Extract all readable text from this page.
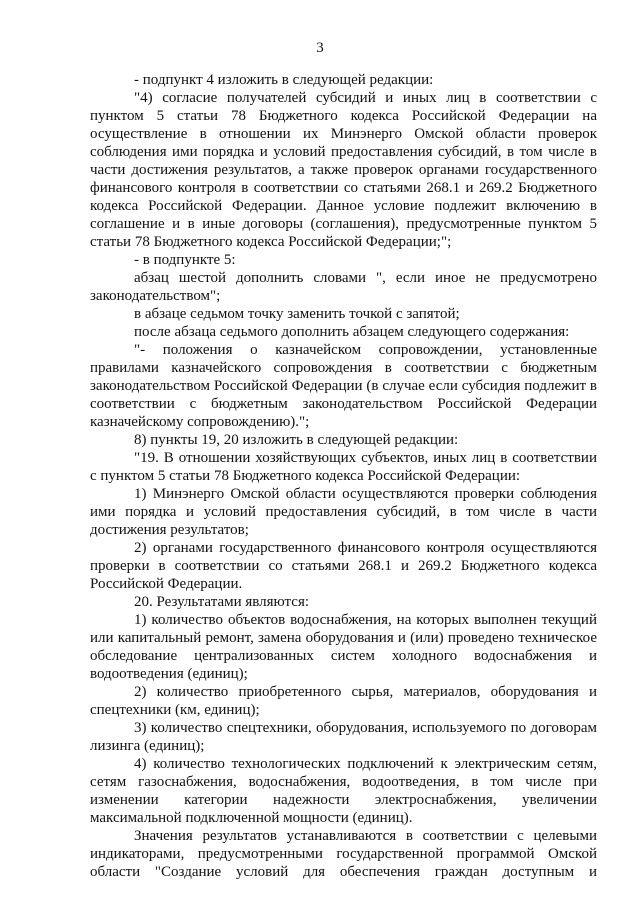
3

- подпункт 4 изложить в следующей редакции:

"4) согласие получателей субсидий и иных лиц в соответствии с пунктом 5 статьи 78 Бюджетного кодекса Российской Федерации на осуществление в отношении их Минэнерго Омской области проверок соблюдения ими порядка и условий предоставления субсидий, в том числе в части достижения результатов, а также проверок органами государственного финансового контроля в соответствии со статьями 268.1 и 269.2 Бюджетного кодекса Российской Федерации. Данное условие подлежит включению в соглашение и в иные договоры (соглашения), предусмотренные пунктом 5 статьи 78 Бюджетного кодекса Российской Федерации;";

- в подпункте 5:

абзац шестой дополнить словами ", если иное не предусмотрено законодательством";

в абзаце седьмом точку заменить точкой с запятой;

после абзаца седьмого дополнить абзацем следующего содержания:

"- положения о казначейском сопровождении, установленные правилами казначейского сопровождения в соответствии с бюджетным законодательством Российской Федерации (в случае если субсидия подлежит в соответствии с бюджетным законодательством Российской Федерации казначейскому сопровождению).";

8) пункты 19, 20 изложить в следующей редакции:

"19. В отношении хозяйствующих субъектов, иных лиц в соответствии с пунктом 5 статьи 78 Бюджетного кодекса Российской Федерации:

1) Минэнерго Омской области осуществляются проверки соблюдения ими порядка и условий предоставления субсидий, в том числе в части достижения результатов;

2) органами государственного финансового контроля осуществляются проверки в соответствии со статьями 268.1 и 269.2 Бюджетного кодекса Российской Федерации.

20. Результатами являются:

1) количество объектов водоснабжения, на которых выполнен текущий или капитальный ремонт, замена оборудования и (или) проведено техническое обследование централизованных систем холодного водоснабжения и водоотведения (единиц);

2) количество приобретенного сырья, материалов, оборудования и спецтехники (км, единиц);

3) количество спецтехники, оборудования, используемого по договорам лизинга (единиц);

4) количество технологических подключений к электрическим сетям, сетям газоснабжения, водоснабжения, водоотведения, в том числе при изменении категории надежности электроснабжения, увеличении максимальной подключенной мощности (единиц).

Значения результатов устанавливаются в соответствии с целевыми индикаторами, предусмотренными государственной программой Омской области "Создание условий для обеспечения граждан доступным и
